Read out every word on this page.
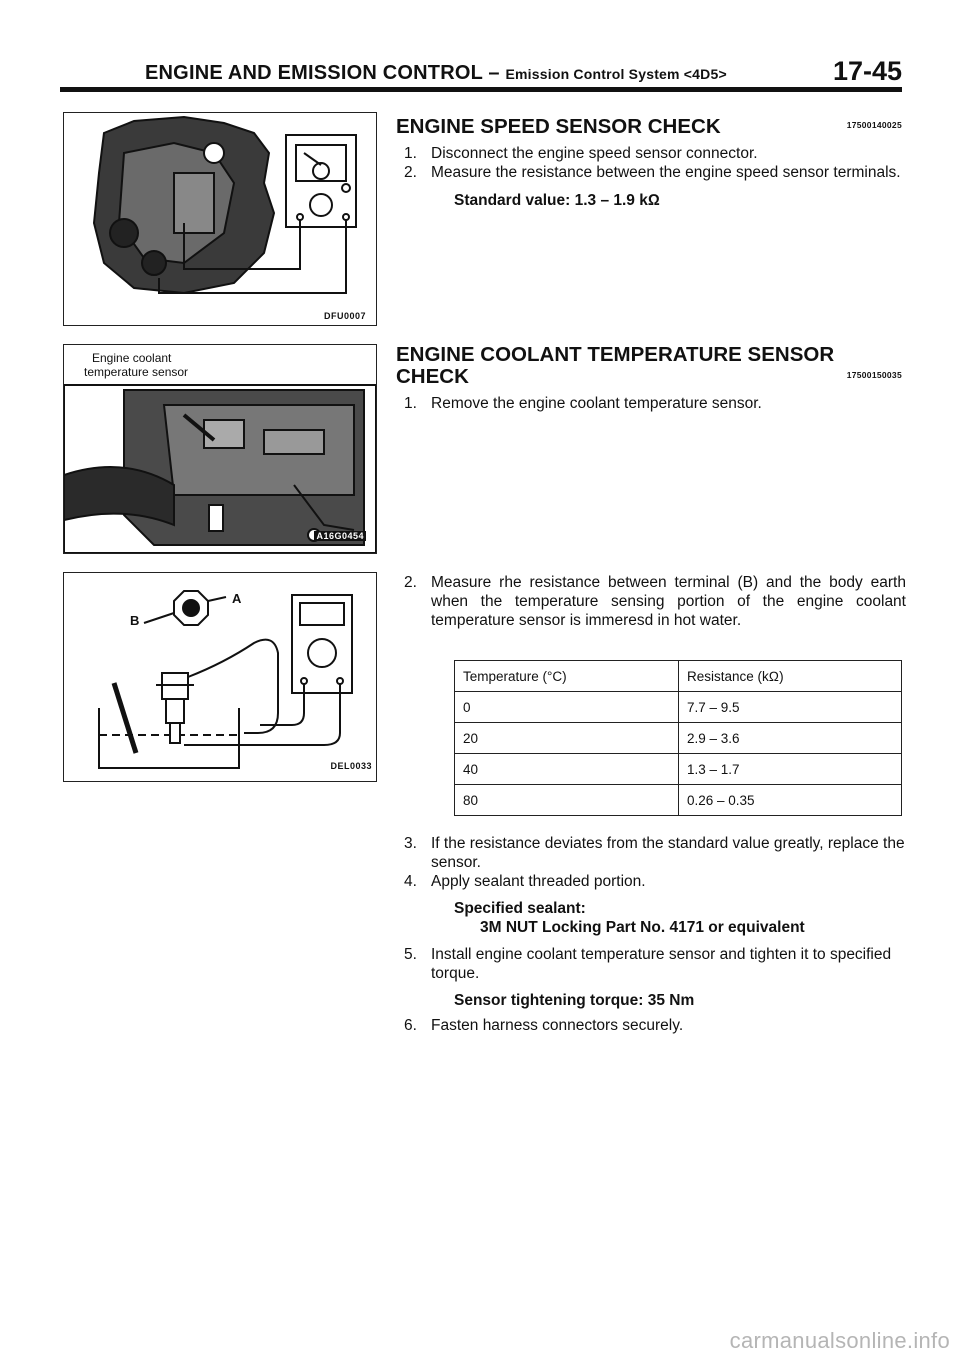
ENGINE AND EMISSION CONTROL – Emission Control System <4D5>	17-45
DFU0007
Engine coolant
temperature sensor
A16G0454
A
B
DEL0033
ENGINE SPEED SENSOR CHECK	17500140025
1. Disconnect the engine speed sensor connector.
2. Measure the resistance between the engine speed sensor terminals.
Standard value: 1.3 – 1.9 kΩ
ENGINE COOLANT TEMPERATURE SENSOR
CHECK	17500150035
1. Remove the engine coolant temperature sensor.
2. Measure rhe resistance between terminal (B) and the body earth when the temperature sensing portion of the engine coolant temperature sensor is immeresd in hot water.
Temperature (°C)	Resistance (kΩ)
0	7.7 – 9.5
20	2.9 – 3.6
40	1.3 – 1.7
80	0.26 – 0.35
3. If the resistance deviates from the standard value greatly, replace the sensor.
4. Apply sealant threaded portion.
Specified sealant:
3M NUT Locking Part No. 4171 or equivalent
5. Install engine coolant temperature sensor and tighten it to specified torque.
Sensor tightening torque: 35 Nm
6. Fasten harness connectors securely.
carmanualsonline.info
